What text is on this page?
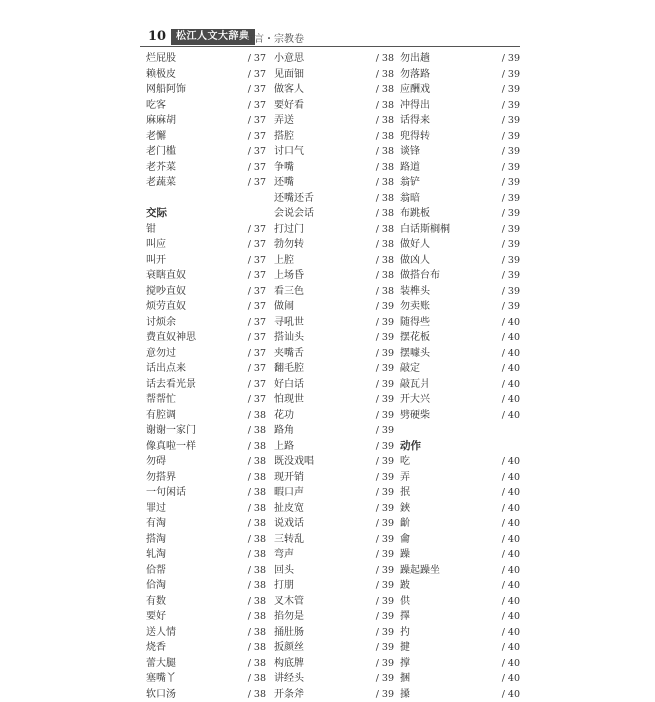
10 松江人文大辞典
方言・宗教卷
烂屁股	/ 37
赖极皮	/ 37
网船阿饰	/ 37
吃客	/ 37
麻麻胡	/ 37
老懈	/ 37
老门槛	/ 37
老芥菜	/ 37
老蔬菜	/ 37
交际
钳	/ 37
叫应	/ 37
叫开	/ 37
衰瞎直奴	/ 37
搅吵直奴	/ 37
烦劳直奴	/ 37
讨烦余	/ 37
费直奴神思	/ 37
意勿过	/ 37
话出点来	/ 37
话去看光景	/ 37
帮帮忙	/ 37
有腔调	/ 38
谢谢一家门	/ 38
像真啦一样	/ 38
勿碍	/ 38
勿搭界	/ 38
一句闲话	/ 38
罪过	/ 38
有淘	/ 38
搭淘	/ 38
轧淘	/ 38
佮帮	/ 38
佮淘	/ 38
有数	/ 38
要好	/ 38
送人情	/ 38
烧香	/ 38
蕾大腿	/ 38
塞嘴丫	/ 38
软口汤	/ 38
小意思	/ 38
见面钿	/ 38
做客人	/ 38
要好看	/ 38
弄送	/ 38
搭腔	/ 38
讨口气	/ 38
争嘴	/ 38
还嘴	/ 38
还嘴还舌	/ 38
会说会话	/ 38
打过门	/ 38
勃勿转	/ 38
上腔	/ 38
上场昏	/ 38
看三色	/ 38
做闹	/ 39
寻吼世	/ 39
搭讪头	/ 39
夹嘴舌	/ 39
翻毛腔	/ 39
好白话	/ 39
怕现世	/ 39
花功	/ 39
路角	/ 39
上路	/ 39
既没戏唱	/ 39
现开销	/ 39
暇口声	/ 39
扯皮宽	/ 39
说戏话	/ 39
三转乱	/ 39
弯声	/ 39
回头	/ 39
打朋	/ 39
叉木管	/ 39
掐勿是	/ 39
捅肚肠	/ 39
扳颜丝	/ 39
构底牌	/ 39
讲经头	/ 39
开条斧	/ 39
勿出趟	/ 39
勿落路	/ 39
应酬戏	/ 39
冲得出	/ 39
话得来	/ 39
兜得转	/ 39
谈锋	/ 39
路道	/ 39
翁铲	/ 39
翁暗	/ 39
布跳板	/ 39
白话斯榈桐	/ 39
做好人	/ 39
做凶人	/ 39
做搭台布	/ 39
装榫头	/ 39
勿卖账	/ 39
随得些	/ 40
摆花板	/ 40
摆噱头	/ 40
敲定	/ 40
敲瓦爿	/ 40
开大兴	/ 40
劈硬柴	/ 40
动作
吃	/ 40
弄	/ 40
抿	/ 40
鋏	/ 40
齘	/ 40
龠	/ 40
躁	/ 40
躁起躁坐	/ 40
跛	/ 40
供	/ 40
擇	/ 40
扚	/ 40
揵	/ 40
撑	/ 40
捆	/ 40
搡	/ 40
